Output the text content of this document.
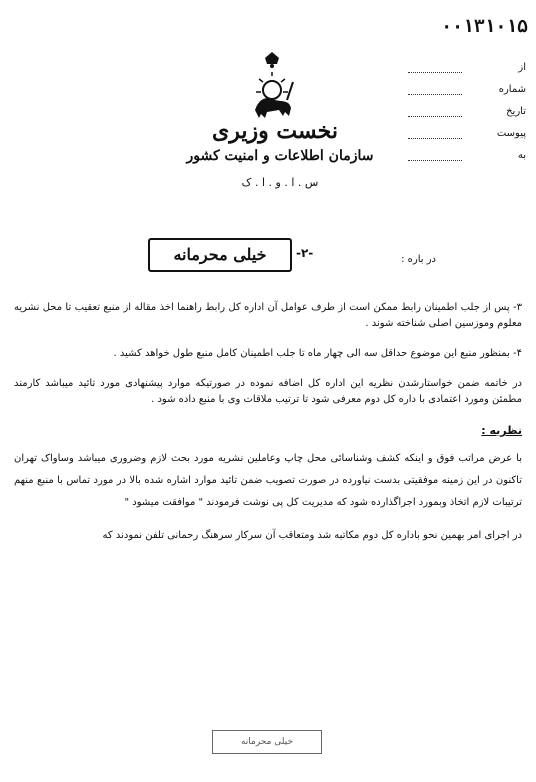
۰۰۱۳۱۰۱۵
نخست وزیری
سازمان اطلاعات و امنیت کشور
س . ا . و . ا . ک
از
شماره
تاریخ
پیوست
به
در باره :
خیلی محرمانه	-۲-

۳- پس از جلب اطمینان رابط ممکن است از طرف عوامل آن اداره کل رابط راهنما اخذ مقاله از منبع تعقیب تا محل نشریه معلوم وموزسین اصلی شناخته شوند .

۴- بمنظور منبع این موضوع حداقل سه الی چهار ماه تا جلب اطمینان کامل منبع طول خواهد کشید .

در خاتمه ضمن خواستارشدن نظریه این اداره کل اضافه نموده در صورتیکه موارد پیشنهادی مورد تائید میباشد کارمند مطمئن ومورد اعتمادی با داره کل دوم معرفی شود تا ترتیب ملاقات وی با منبع داده شود .

نظریه :

با عرض مراتب فوق و اینکه کشف وشناسائی محل چاپ وعاملین نشریه مورد بحث لازم وضروری میباشد وساواک تهران تاکنون در این زمینه موفقیتی بدست نیاورده در صورت تصویب ضمن تائید موارد اشاره شده بالا در مورد تماس با منبع منهم ترتیبات لازم اتخاذ وبمورد اجراگذارده شود که مدیریت کل پی نوشت فرمودند " موافقت میشود "

در اجرای امر بهمین نحو باداره کل دوم مکاتبه شد ومتعاقب آن سرکار سرهنگ رحمانی تلفن نمودند که

خیلی محرمانه
